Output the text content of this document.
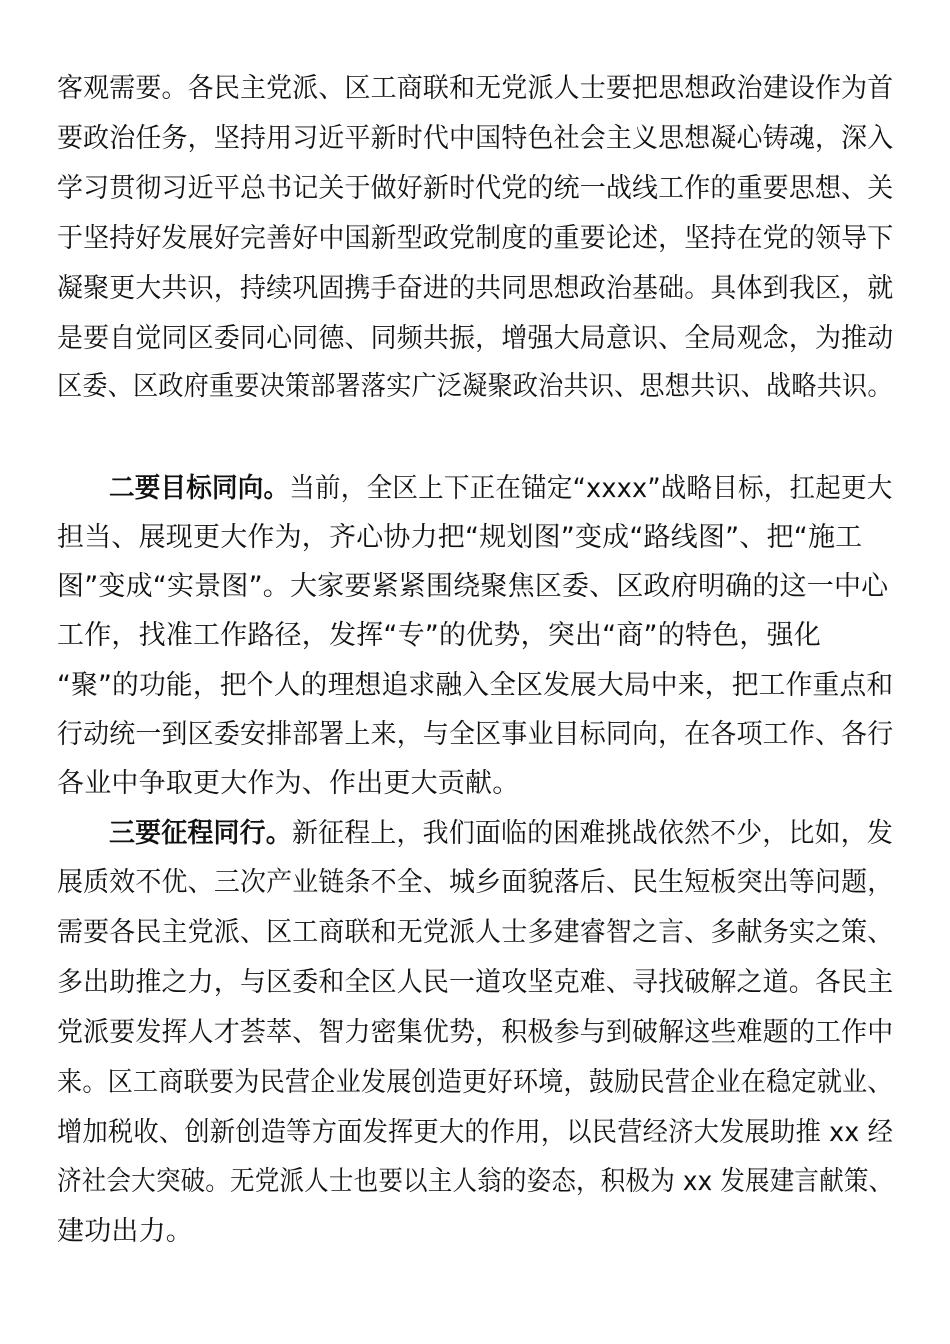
客观需要。各民主党派、区工商联和无党派人士要把思想政治建设作为首

要政治任务，坚持用习近平新时代中国特色社会主义思想凝心铸魂，深入

学习贯彻习近平总书记关于做好新时代党的统一战线工作的重要思想、关

于坚持好发展好完善好中国新型政党制度的重要论述，坚持在党的领导下

凝聚更大共识，持续巩固携手奋进的共同思想政治基础。具体到我区，就

是要自觉同区委同心同德、同频共振，增强大局意识、全局观念，为推动

区委、区政府重要决策部署落实广泛凝聚政治共识、思想共识、战略共识。

二要目标同向。当前，全区上下正在锚定“xxxx”战略目标，扛起更大

担当、展现更大作为，齐心协力把“规划图”变成“路线图”、把“施工

图”变成“实景图”。大家要紧紧围绕聚焦区委、区政府明确的这一中心

工作，找准工作路径，发挥“专”的优势，突出“商”的特色，强化

“聚”的功能，把个人的理想追求融入全区发展大局中来，把工作重点和

行动统一到区委安排部署上来，与全区事业目标同向，在各项工作、各行

各业中争取更大作为、作出更大贡献。

三要征程同行。新征程上，我们面临的困难挑战依然不少，比如，发

展质效不优、三次产业链条不全、城乡面貌落后、民生短板突出等问题，

需要各民主党派、区工商联和无党派人士多建睿智之言、多献务实之策、

多出助推之力，与区委和全区人民一道攻坚克难、寻找破解之道。各民主

党派要发挥人才荟萃、智力密集优势，积极参与到破解这些难题的工作中

来。区工商联要为民营企业发展创造更好环境，鼓励民营企业在稳定就业、

增加税收、创新创造等方面发挥更大的作用，以民营经济大发展助推 xx 经

济社会大突破。无党派人士也要以主人翁的姿态，积极为 xx 发展建言献策、

建功出力。
